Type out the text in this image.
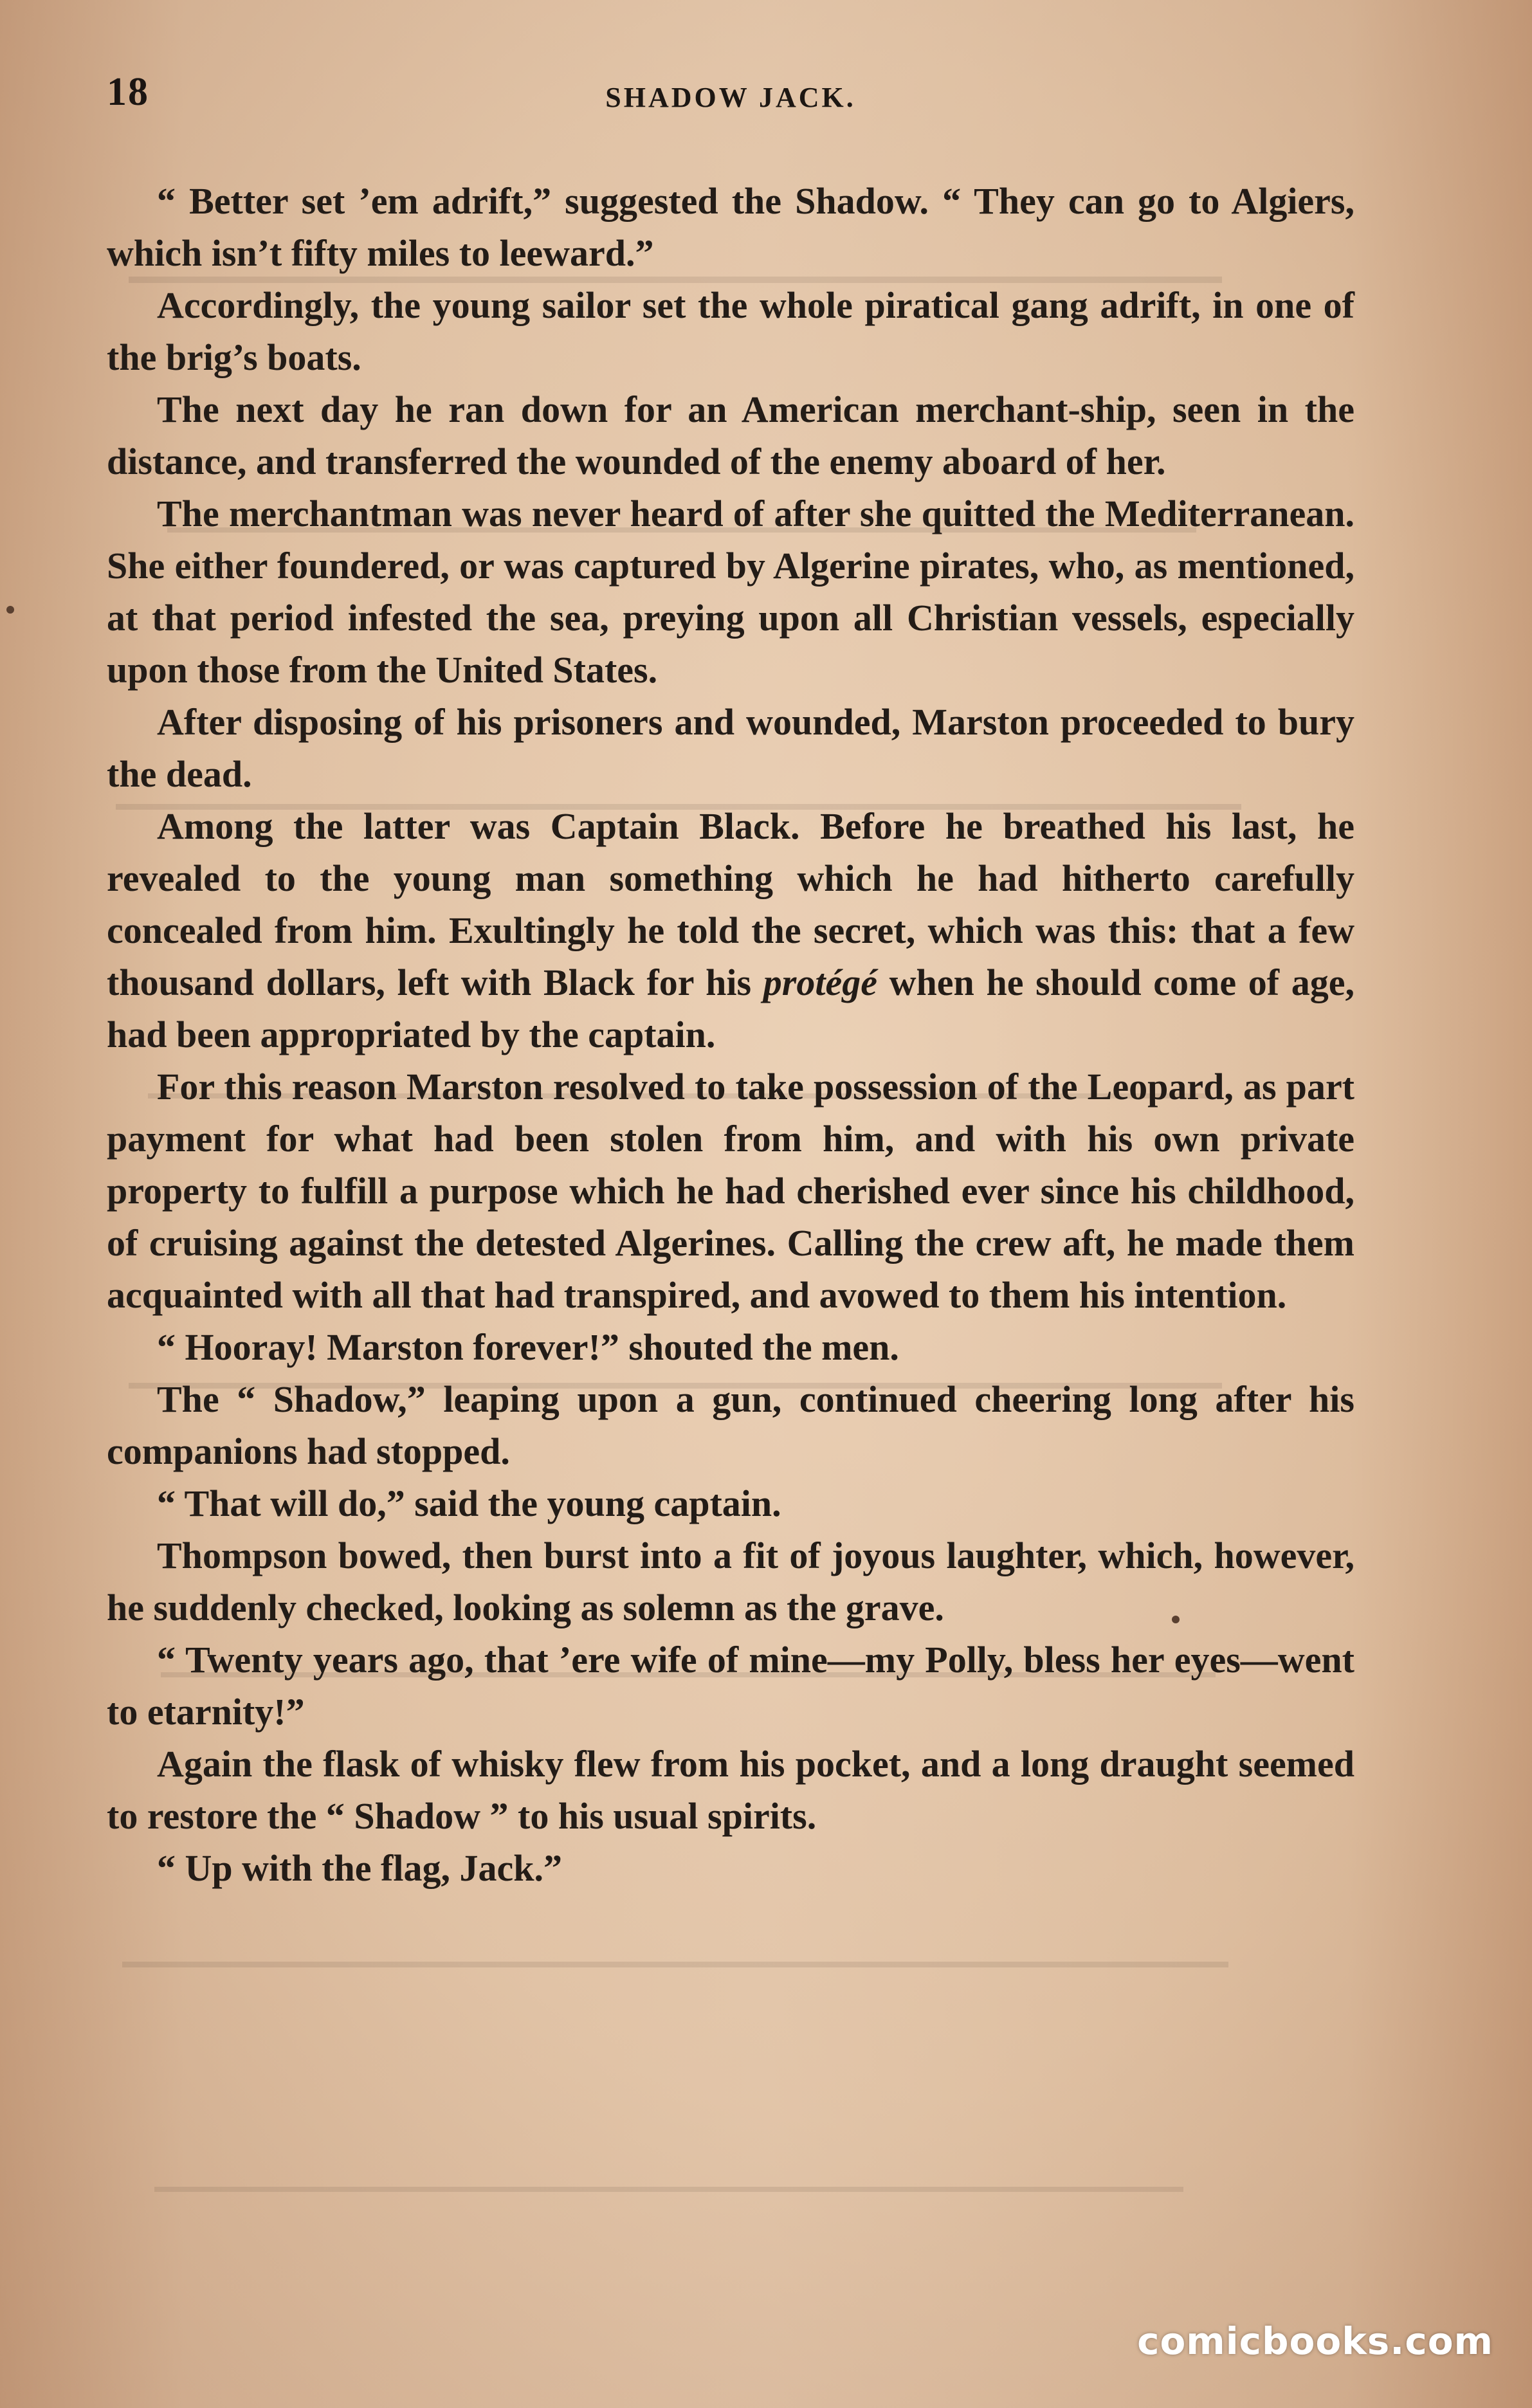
18	SHADOW JACK.

“ Better set ’em adrift,” suggested the Shadow. “ They can go to Algiers, which isn’t fifty miles to leeward.”

Accordingly, the young sailor set the whole piratical gang adrift, in one of the brig’s boats.

The next day he ran down for an American merchant-ship, seen in the distance, and transferred the wounded of the enemy aboard of her.

The merchantman was never heard of after she quitted the Mediterranean. She either foundered, or was captured by Algerine pirates, who, as mentioned, at that period infested the sea, preying upon all Christian vessels, especially upon those from the United States.

After disposing of his prisoners and wounded, Marston proceeded to bury the dead.

Among the latter was Captain Black. Before he breathed his last, he revealed to the young man something which he had hitherto carefully concealed from him. Exultingly he told the secret, which was this: that a few thousand dollars, left with Black for his protégé when he should come of age, had been appropriated by the captain.

For this reason Marston resolved to take possession of the Leopard, as part payment for what had been stolen from him, and with his own private property to fulfill a purpose which he had cherished ever since his childhood, of cruising against the detested Algerines. Calling the crew aft, he made them acquainted with all that had transpired, and avowed to them his intention.

“ Hooray! Marston forever!” shouted the men.

The “ Shadow,” leaping upon a gun, continued cheering long after his companions had stopped.

“ That will do,” said the young captain.

Thompson bowed, then burst into a fit of joyous laughter, which, however, he suddenly checked, looking as solemn as the grave.

“ Twenty years ago, that ’ere wife of mine—my Polly, bless her eyes—went to etarnity!”

Again the flask of whisky flew from his pocket, and a long draught seemed to restore the “ Shadow ” to his usual spirits.

“ Up with the flag, Jack.”

comicbooks.com
